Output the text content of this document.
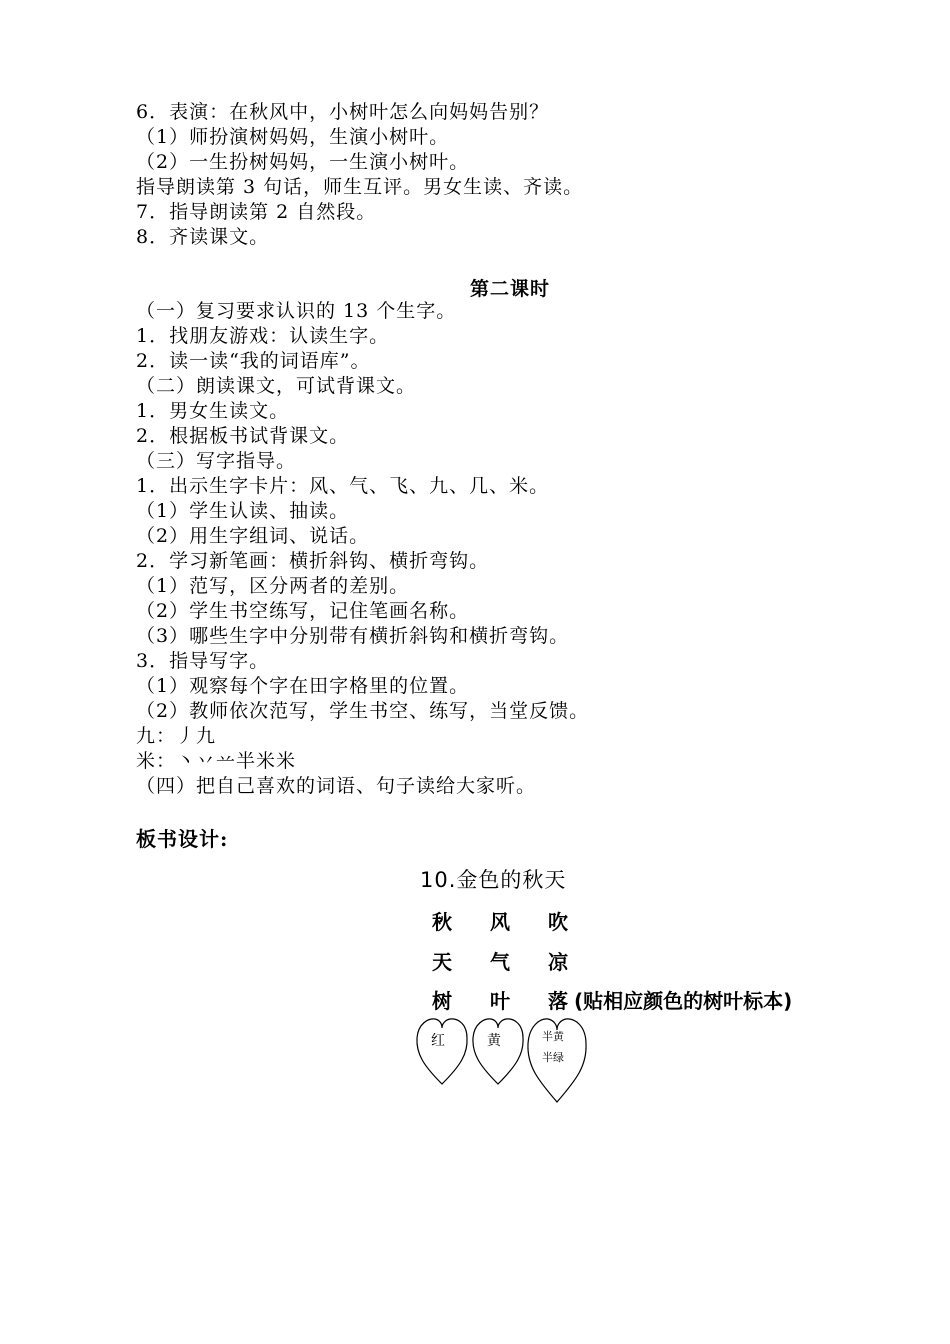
6．表演：在秋风中，小树叶怎么向妈妈告别？
（1）师扮演树妈妈，生演小树叶。
（2）一生扮树妈妈，一生演小树叶。
指导朗读第 3 句话，师生互评。男女生读、齐读。
7．指导朗读第 2 自然段。
8．齐读课文。
第二课时
（一）复习要求认识的 13 个生字。
1．找朋友游戏：认读生字。
2．读一读“我的词语库”。
（二）朗读课文，可试背课文。
1．男女生读文。
2．根据板书试背课文。
（三）写字指导。
1．出示生字卡片：风、气、飞、九、几、米。
（1）学生认读、抽读。
（2）用生字组词、说话。
2．学习新笔画：横折斜钩、横折弯钩。
（1）范写，区分两者的差别。
（2）学生书空练写，记住笔画名称。
（3）哪些生字中分别带有横折斜钩和横折弯钩。
3．指导写字。
（1）观察每个字在田字格里的位置。
（2）教师依次范写，学生书空、练写，当堂反馈。
九：丿九
米：丶丷䒑半米米
（四）把自己喜欢的词语、句子读给大家听。
板书设计:
10.金色的秋天
秋 风 吹
天 气 凉
树 叶 落 (贴相应颜色的树叶标本)
红	黄	半黄
半绿
